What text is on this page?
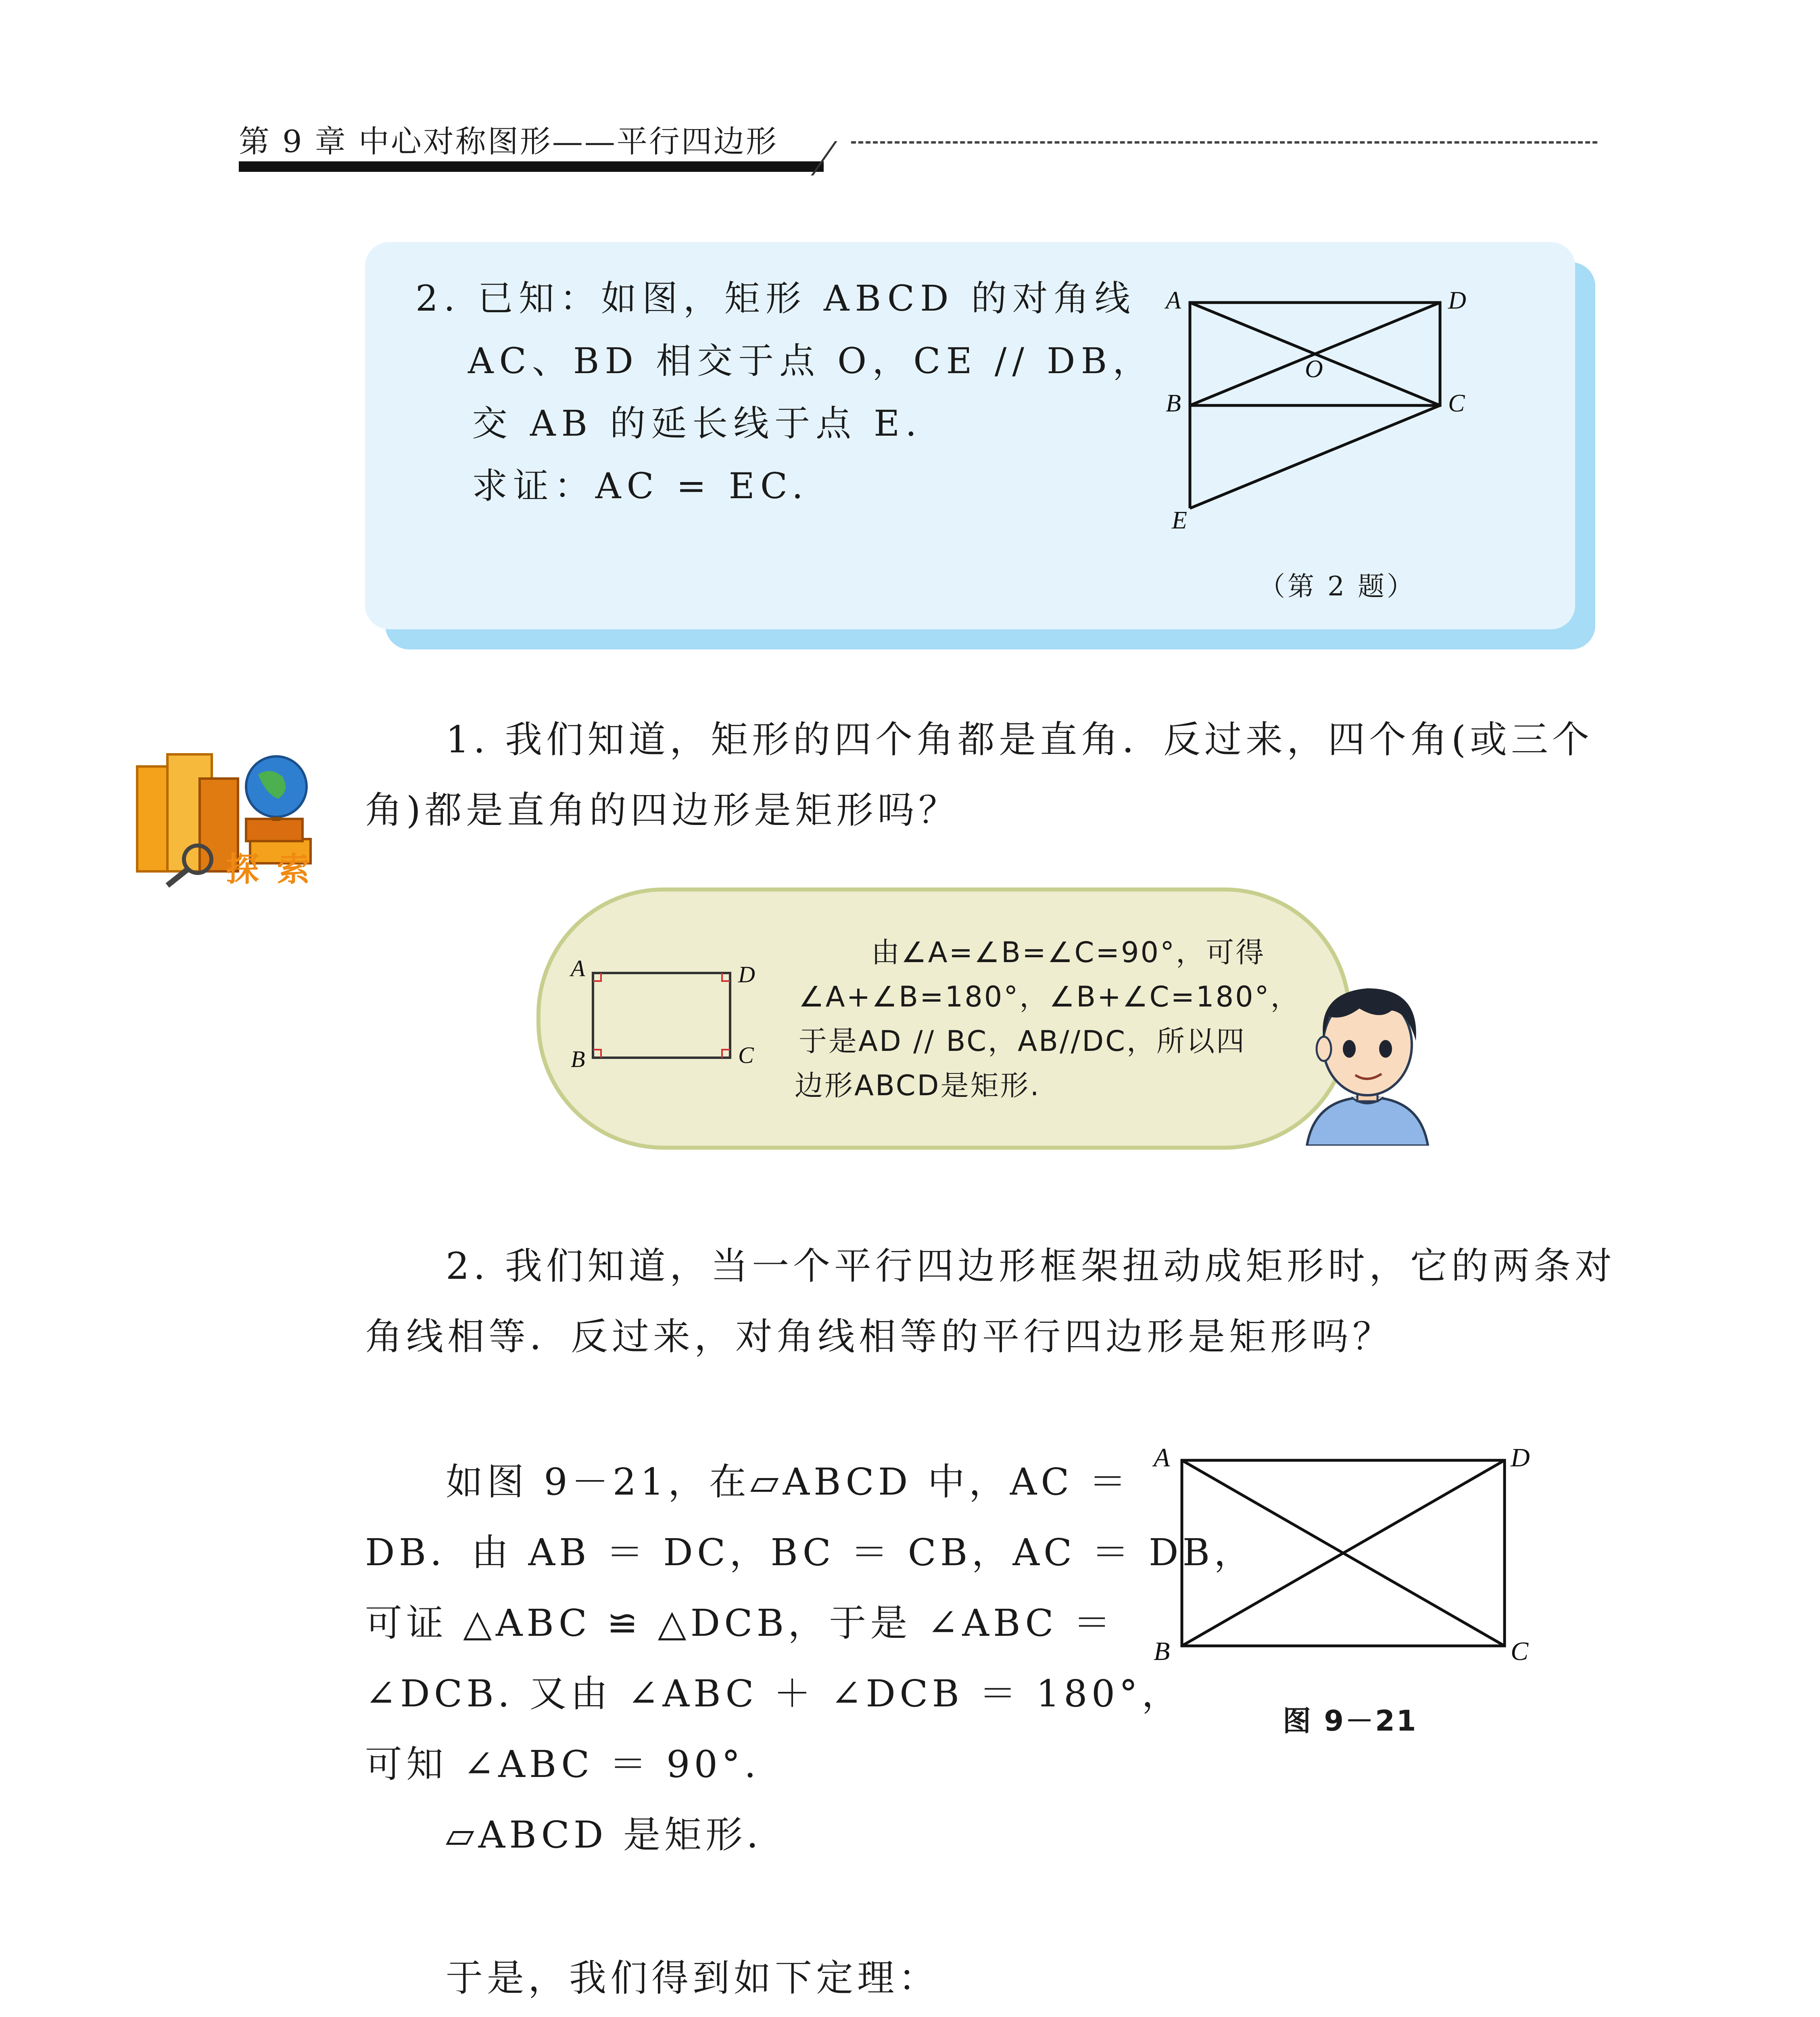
第 9 章 中心对称图形——平行四边形
2. 已知：如图，矩形 ABCD 的对角线
AC、BD 相交于点 O，CE // DB，
交 AB 的延长线于点 E.
求证：AC = EC.
A	D
B	C
O
E
（第 2 题）
探 索
1. 我们知道，矩形的四个角都是直角．反过来，四个角(或三个
角)都是直角的四边形是矩形吗？
A	D
B	C
由∠A=∠B=∠C=90°，可得
∠A+∠B=180°，∠B+∠C=180°，
于是AD // BC，AB//DC，所以四
边形ABCD是矩形.
2. 我们知道，当一个平行四边形框架扭动成矩形时，它的两条对
角线相等．反过来，对角线相等的平行四边形是矩形吗？
如图 9－21，在▱ABCD 中，AC ＝
DB．由 AB ＝ DC，BC ＝ CB，AC ＝ DB，
可证 △ABC ≌ △DCB，于是 ∠ABC ＝
∠DCB. 又由 ∠ABC ＋ ∠DCB ＝ 180°，
可知 ∠ABC ＝ 90°.
▱ABCD 是矩形．
A	D
B	C
图 9－21
于是，我们得到如下定理：
